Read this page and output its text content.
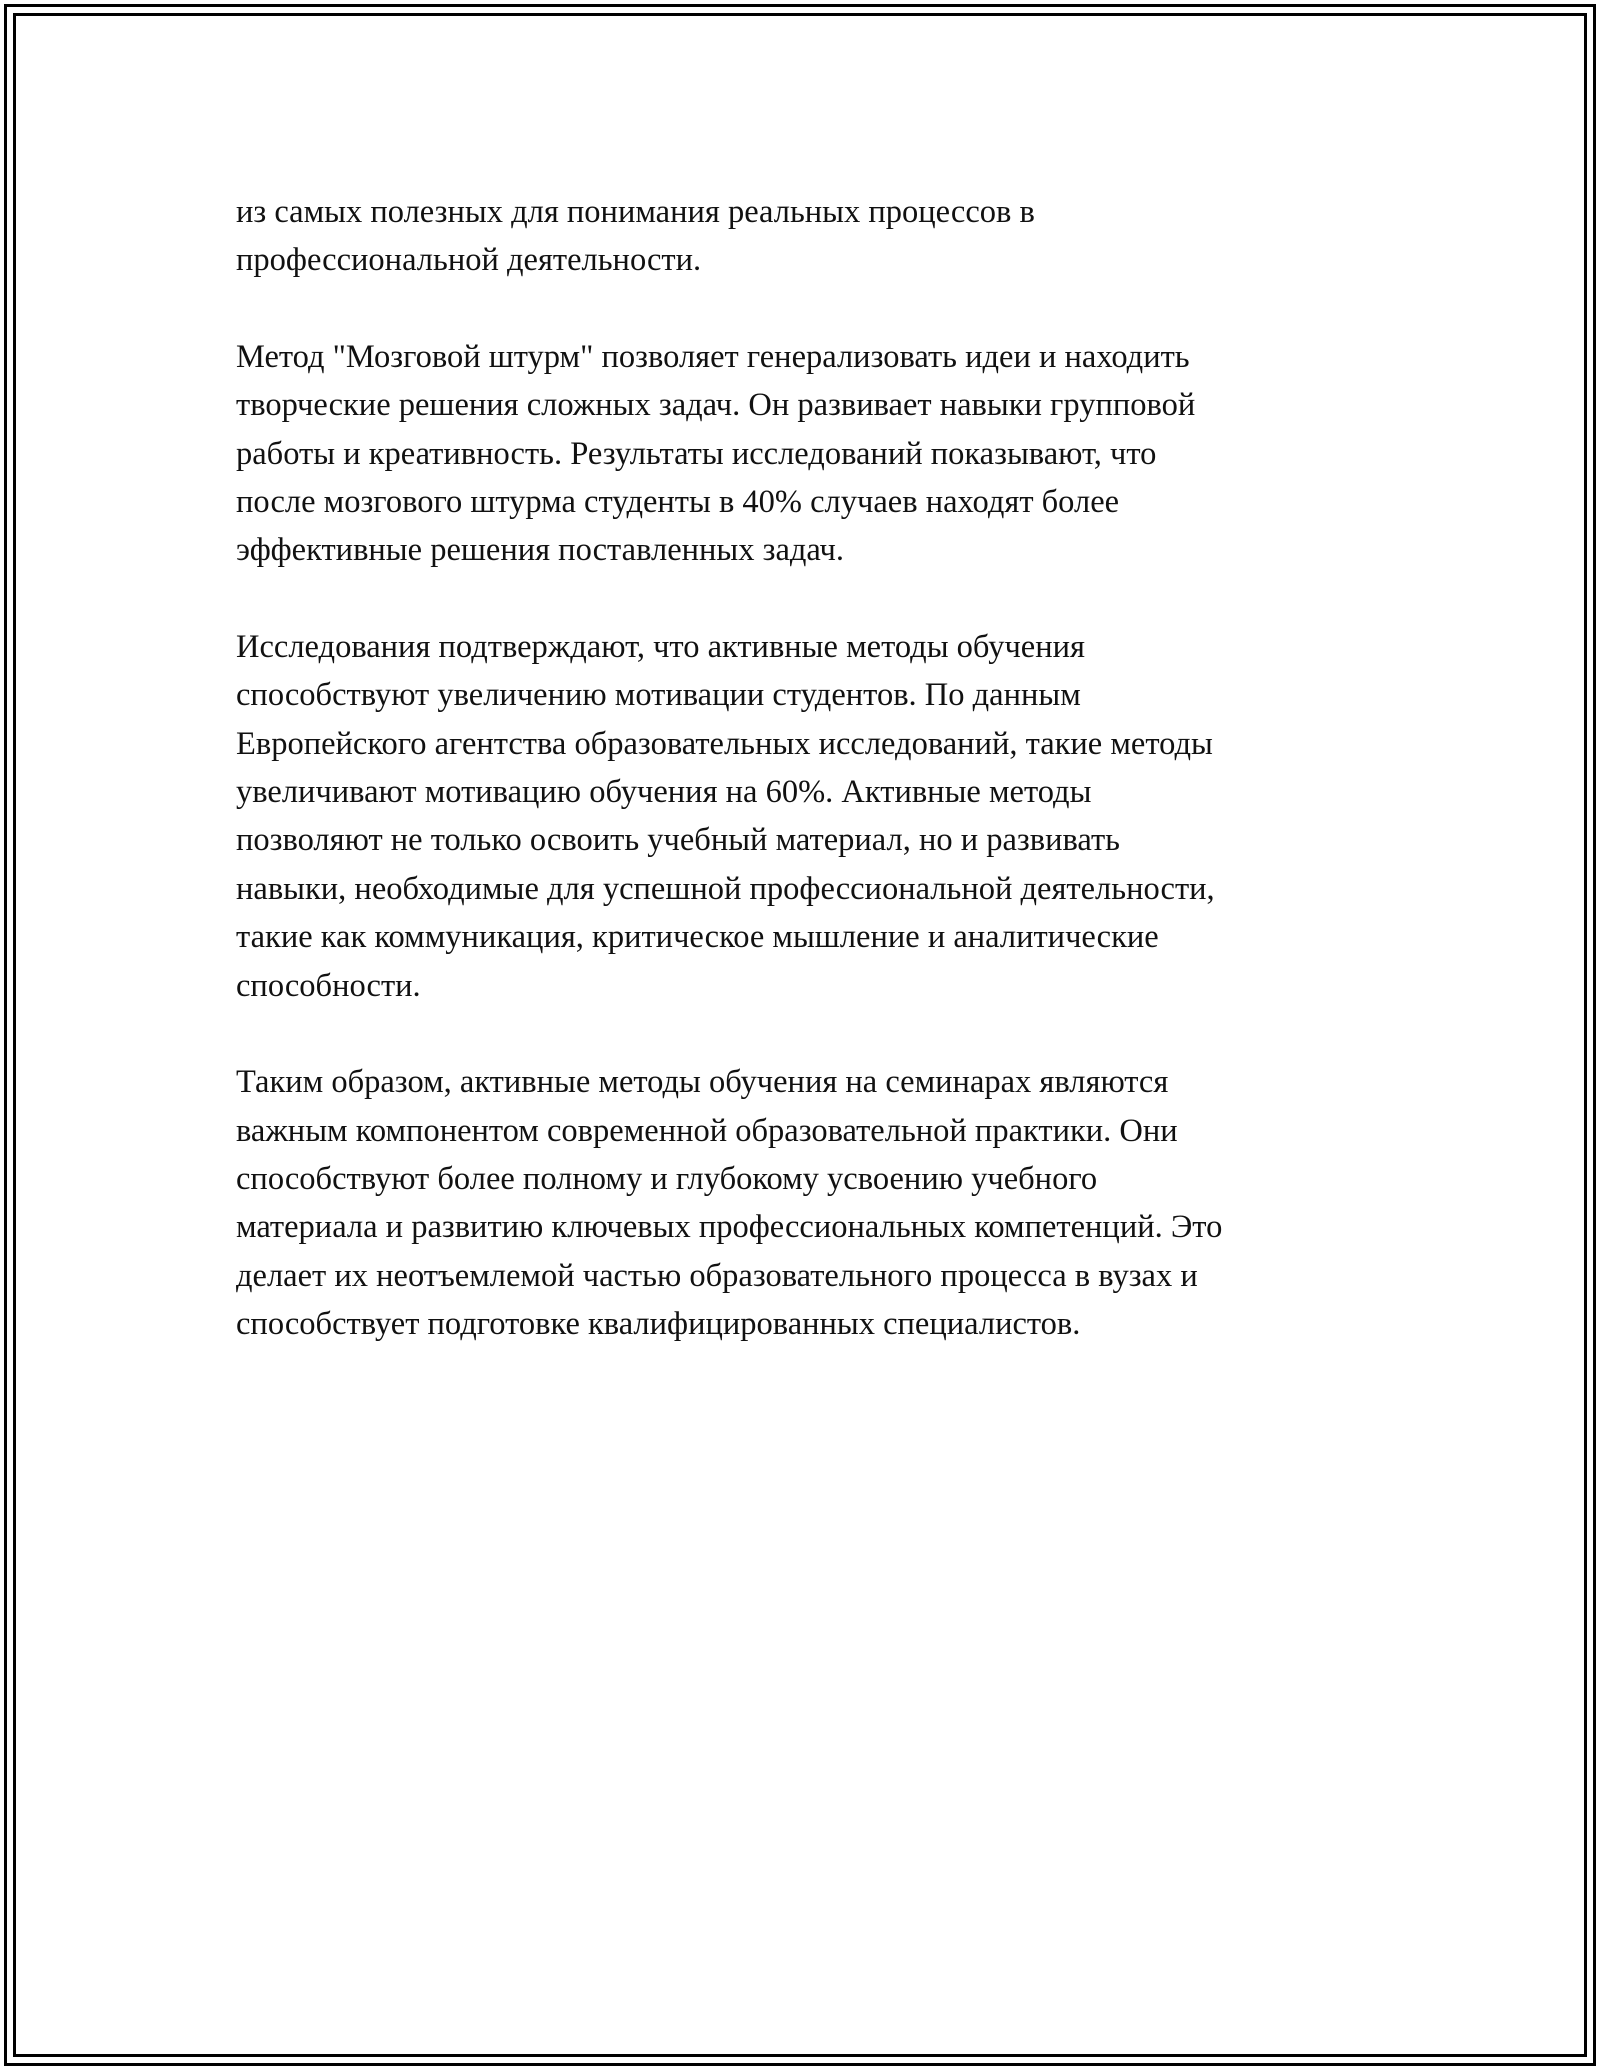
из самых полезных для понимания реальных процессов в
профессиональной деятельности.

Метод "Мозговой штурм" позволяет генерализовать идеи и находить
творческие решения сложных задач. Он развивает навыки групповой
работы и креативность. Результаты исследований показывают, что
после мозгового штурма студенты в 40% случаев находят более
эффективные решения поставленных задач.

Исследования подтверждают, что активные методы обучения
способствуют увеличению мотивации студентов. По данным
Европейского агентства образовательных исследований, такие методы
увеличивают мотивацию обучения на 60%. Активные методы
позволяют не только освоить учебный материал, но и развивать
навыки, необходимые для успешной профессиональной деятельности,
такие как коммуникация, критическое мышление и аналитические
способности.

Таким образом, активные методы обучения на семинарах являются
важным компонентом современной образовательной практики. Они
способствуют более полному и глубокому усвоению учебного
материала и развитию ключевых профессиональных компетенций. Это
делает их неотъемлемой частью образовательного процесса в вузах и
способствует подготовке квалифицированных специалистов.
